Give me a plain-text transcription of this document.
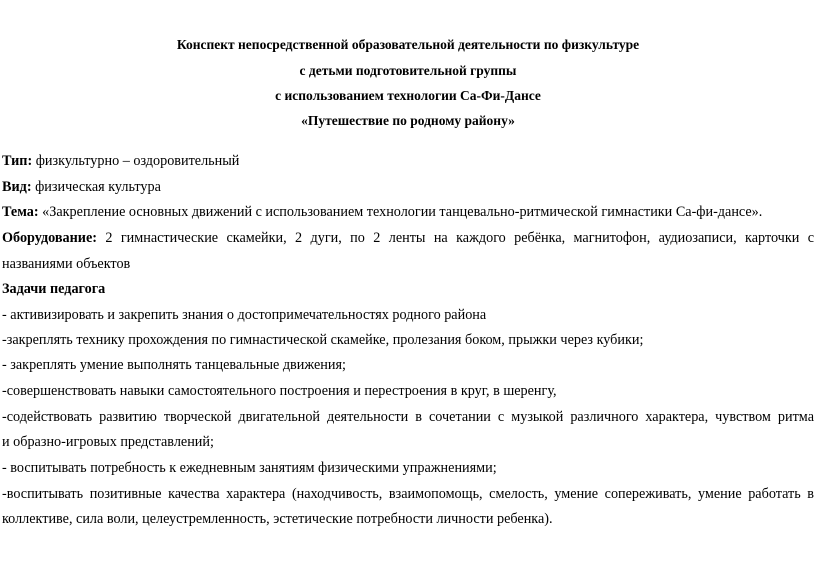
Конспект непосредственной образовательной деятельности по физкультуре
с детьми подготовительной группы
с использованием технологии Са-Фи-Дансе
«Путешествие по родному району»
Тип: физкультурно – оздоровительный
Вид: физическая культура
Тема: «Закрепление основных движений с использованием технологии танцевально-ритмической гимнастики Са-фи-дансе».
Оборудование: 2 гимнастические скамейки, 2 дуги, по 2 ленты на каждого ребёнка, магнитофон, аудиозаписи, карточки с
названиями объектов
Задачи педагога
- активизировать и закрепить знания о достопримечательностях родного района
-закреплять технику прохождения по гимнастической скамейке, пролезания боком, прыжки через кубики;
- закреплять умение выполнять танцевальные движения;
-совершенствовать навыки самостоятельного построения и перестроения в круг, в шеренгу,
-содействовать развитию творческой двигательной деятельности в сочетании с музыкой различного характера, чувством ритма
и образно-игровых представлений;
- воспитывать потребность к ежедневным занятиям физическими упражнениями;
-воспитывать позитивные качества характера (находчивость, взаимопомощь, смелость, умение сопереживать, умение работать в
коллективе, сила воли, целеустремленность, эстетические потребности личности ребенка).
